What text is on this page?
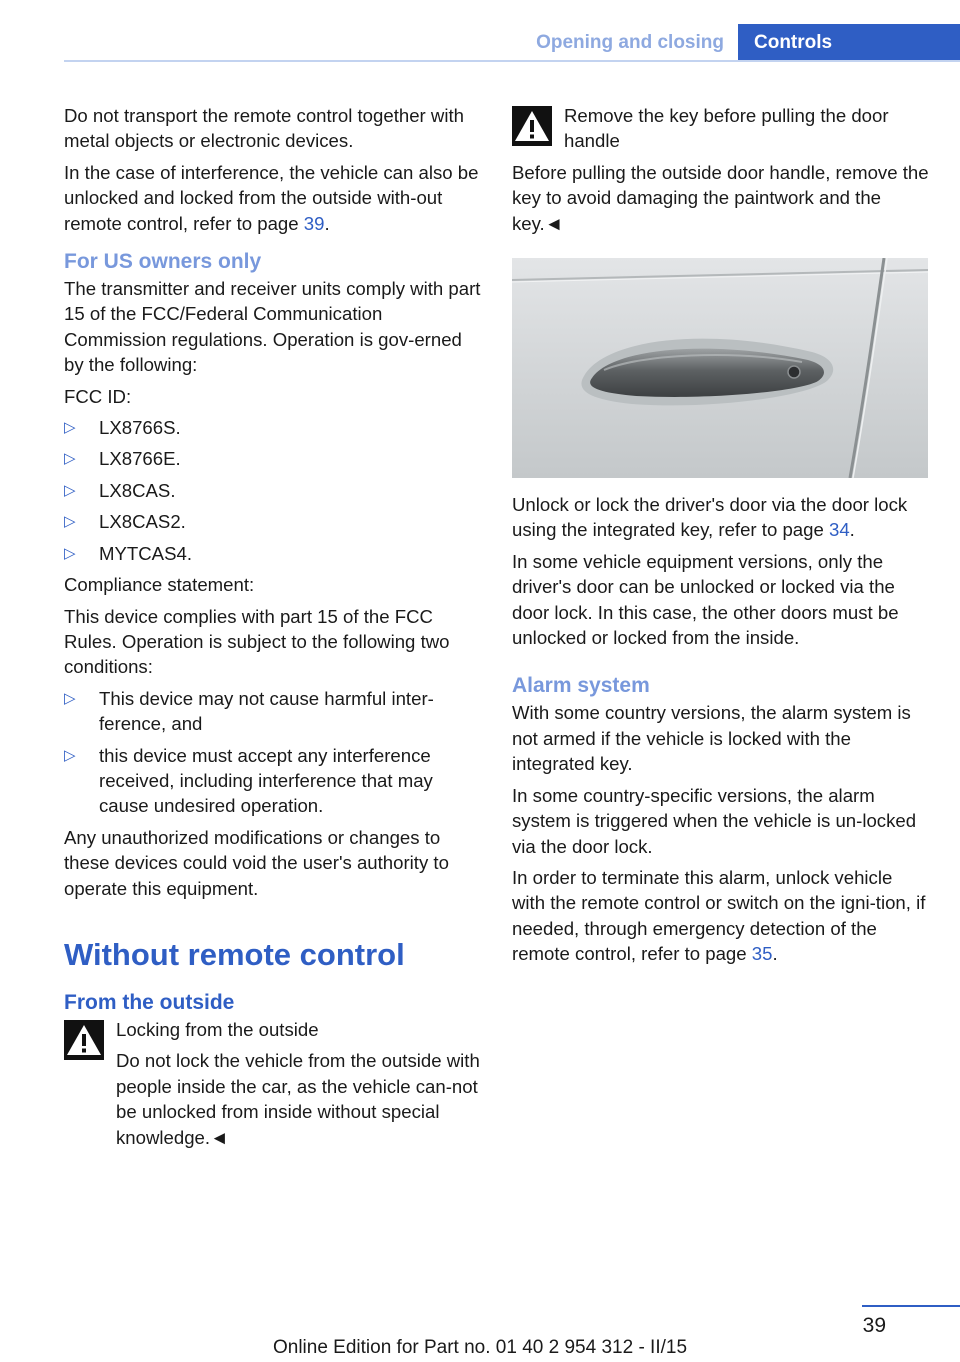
Opening and closing	Controls

Do not transport the remote control together with metal objects or electronic devices.

In the case of interference, the vehicle can also be unlocked and locked from the outside with-out remote control, refer to page 39.

For US owners only

The transmitter and receiver units comply with part 15 of the FCC/Federal Communication Commission regulations. Operation is gov-erned by the following:

FCC ID:

▷ LX8766S.
▷ LX8766E.
▷ LX8CAS.
▷ LX8CAS2.
▷ MYTCAS4.

Compliance statement:

This device complies with part 15 of the FCC Rules. Operation is subject to the following two conditions:

▷ This device may not cause harmful inter-ference, and
▷ this device must accept any interference received, including interference that may cause undesired operation.

Any unauthorized modifications or changes to these devices could void the user's authority to operate this equipment.

Without remote control
From the outside

Locking from the outside

Do not lock the vehicle from the outside with people inside the car, as the vehicle can-not be unlocked from inside without special knowledge.◄

Remove the key before pulling the door handle

Before pulling the outside door handle, remove the key to avoid damaging the paintwork and the key.◄

Unlock or lock the driver's door via the door lock using the integrated key, refer to page 34.

In some vehicle equipment versions, only the driver's door can be unlocked or locked via the door lock. In this case, the other doors must be unlocked or locked from the inside.

Alarm system

With some country versions, the alarm system is not armed if the vehicle is locked with the integrated key.

In some country-specific versions, the alarm system is triggered when the vehicle is un-locked via the door lock.

In order to terminate this alarm, unlock vehicle with the remote control or switch on the igni-tion, if needed, through emergency detection of the remote control, refer to page 35.

39
Online Edition for Part no. 01 40 2 954 312 - II/15
